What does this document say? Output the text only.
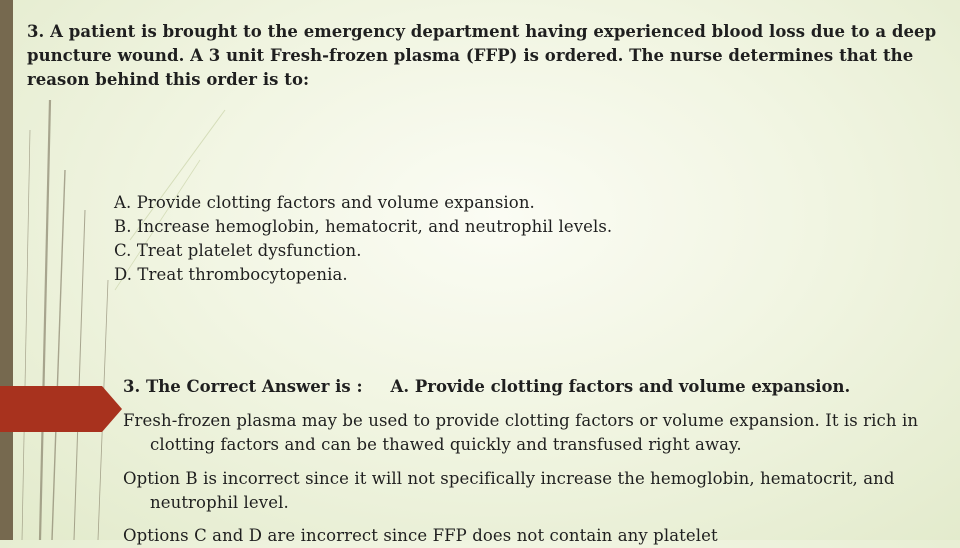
3. A patient is brought to the emergency department having experienced blood loss due to a deep puncture wound. A 3 unit Fresh-frozen plasma (FFP) is ordered. The nurse determines that the reason behind this order is to:

A. Provide clotting factors and volume expansion.
B. Increase hemoglobin, hematocrit, and neutrophil levels.
C. Treat platelet dysfunction.
D. Treat thrombocytopenia.
3. The Correct Answer is : A. Provide clotting factors and volume expansion.

Fresh-frozen plasma may be used to provide clotting factors or volume expansion. It is rich in clotting factors and can be thawed quickly and transfused right away.

Option B is incorrect since it will not specifically increase the hemoglobin, hematocrit, and neutrophil level.

Options C and D are incorrect since FFP does not contain any platelet
